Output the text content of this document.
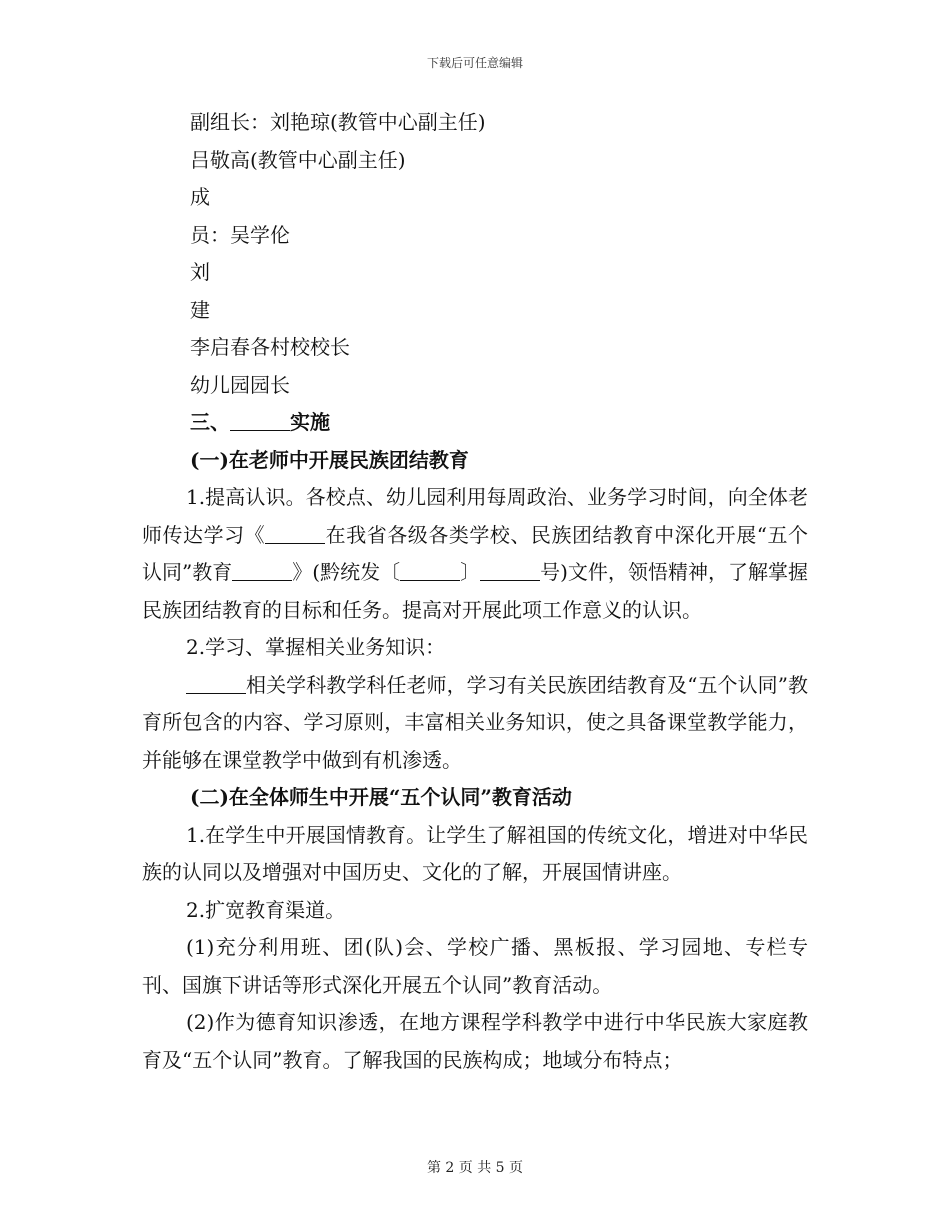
下载后可任意编辑
副组长：刘艳琼(教管中心副主任)
吕敬高(教管中心副主任)
成
员：吴学伦
刘
建
李启春各村校校长
幼儿园园长
三、	实施
(一)在老师中开展民族团结教育
1.提高认识。各校点、幼儿园利用每周政治、业务学习时间，向全体老师传达学习《	在我省各级各类学校、民族团结教育中深化开展“五个认同”教育	》(黔统发〔	〕	号)文件，领悟精神，了解掌握民族团结教育的目标和任务。提高对开展此项工作意义的认识。
2.学习、掌握相关业务知识：
相关学科教学科任老师，学习有关民族团结教育及“五个认同”教育所包含的内容、学习原则，丰富相关业务知识，使之具备课堂教学能力，并能够在课堂教学中做到有机渗透。
(二)在全体师生中开展“五个认同”教育活动
1.在学生中开展国情教育。让学生了解祖国的传统文化，增进对中华民族的认同以及增强对中国历史、文化的了解，开展国情讲座。
2.扩宽教育渠道。
(1)充分利用班、团(队)会、学校广播、黑板报、学习园地、专栏专刊、国旗下讲话等形式深化开展五个认同”教育活动。
(2)作为德育知识渗透，在地方课程学科教学中进行中华民族大家庭教育及“五个认同”教育。了解我国的民族构成；地域分布特点；
第 2 页 共 5 页
